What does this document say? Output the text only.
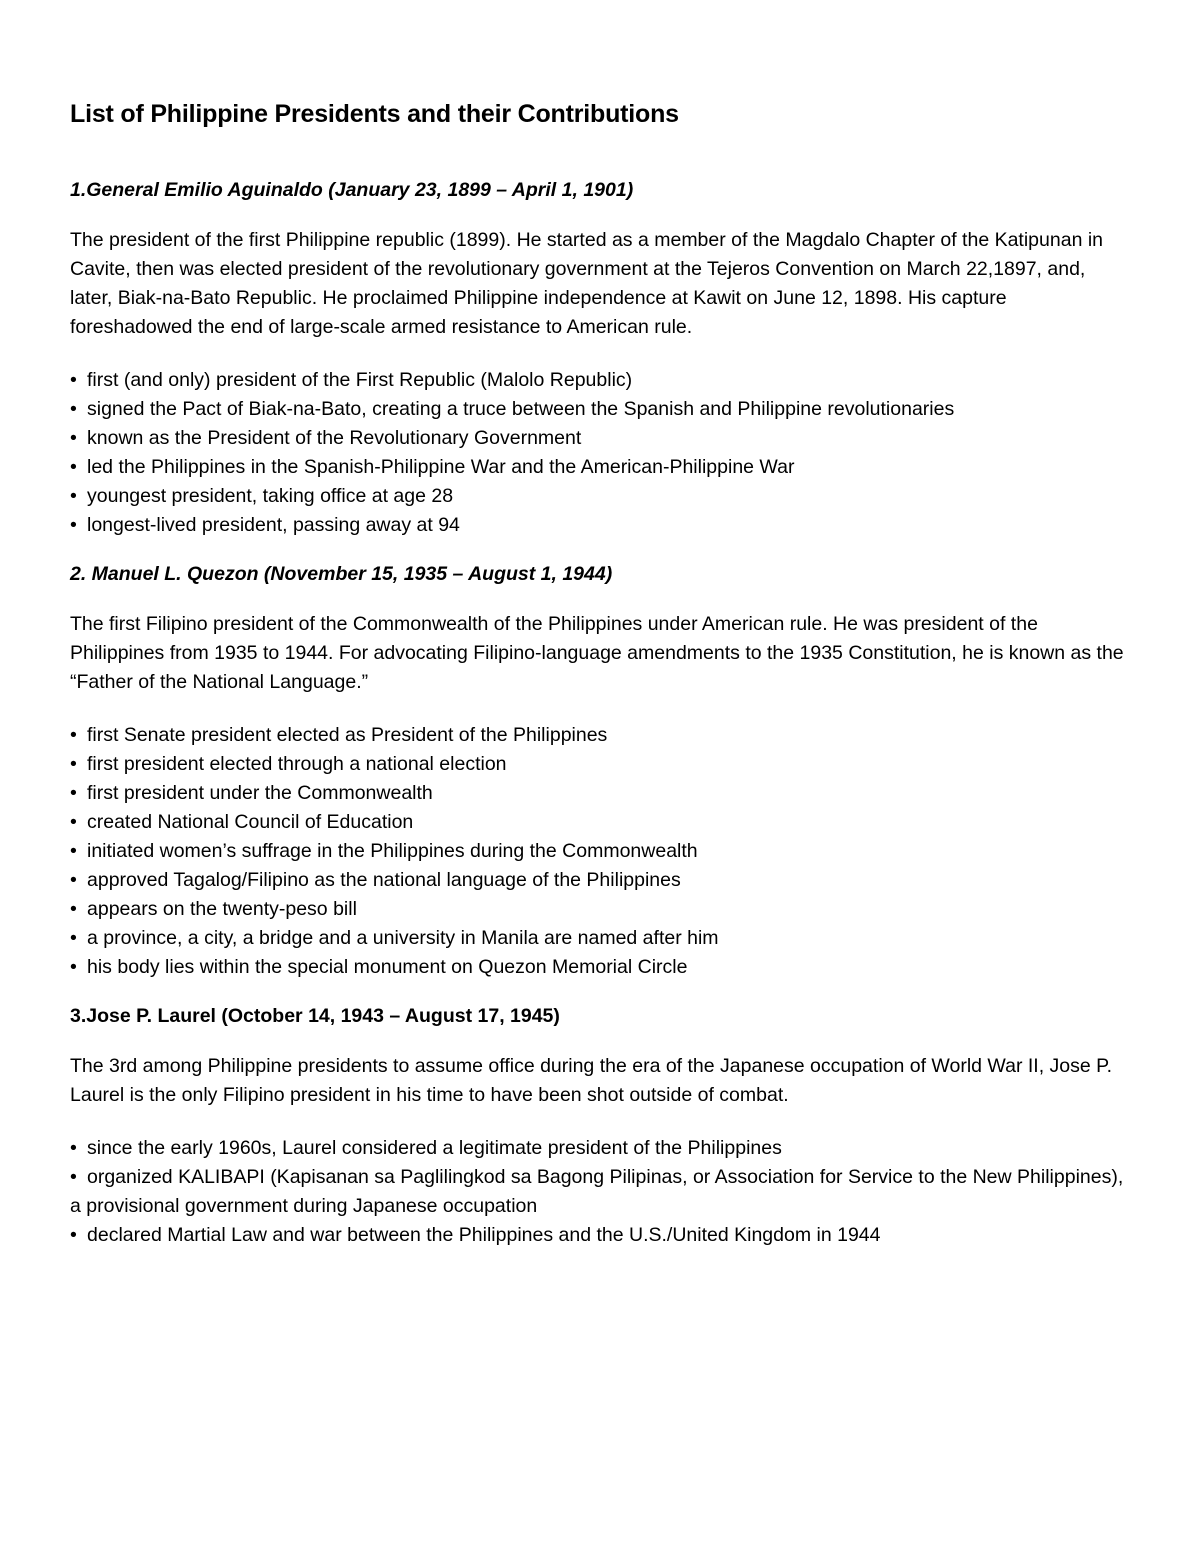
List of Philippine Presidents and their Contributions
1.General Emilio Aguinaldo (January 23, 1899 – April 1, 1901)

The president of the first Philippine republic (1899). He started as a member of the Magdalo Chapter of the Katipunan in Cavite, then was elected president of the revolutionary government at the Tejeros Convention on March 22,1897, and, later, Biak-na-Bato Republic. He proclaimed Philippine independence at Kawit on June 12, 1898. His capture foreshadowed the end of large-scale armed resistance to American rule.

• first (and only) president of the First Republic (Malolo Republic)
• signed the Pact of Biak-na-Bato, creating a truce between the Spanish and Philippine revolutionaries
• known as the President of the Revolutionary Government
• led the Philippines in the Spanish-Philippine War and the American-Philippine War
• youngest president, taking office at age 28
• longest-lived president, passing away at 94
2. Manuel L. Quezon (November 15, 1935 – August 1, 1944)

The first Filipino president of the Commonwealth of the Philippines under American rule. He was president of the Philippines from 1935 to 1944. For advocating Filipino-language amendments to the 1935 Constitution, he is known as the “Father of the National Language.”

• first Senate president elected as President of the Philippines
• first president elected through a national election
• first president under the Commonwealth
• created National Council of Education
• initiated women’s suffrage in the Philippines during the Commonwealth
• approved Tagalog/Filipino as the national language of the Philippines
• appears on the twenty-peso bill
• a province, a city, a bridge and a university in Manila are named after him
• his body lies within the special monument on Quezon Memorial Circle
3.Jose P. Laurel (October 14, 1943 – August 17, 1945)

The 3rd among Philippine presidents to assume office during the era of the Japanese occupation of World War II, Jose P. Laurel is the only Filipino president in his time to have been shot outside of combat.

• since the early 1960s, Laurel considered a legitimate president of the Philippines
• organized KALIBAPI (Kapisanan sa Paglilingkod sa Bagong Pilipinas, or Association for Service to the New Philippines), a provisional government during Japanese occupation
• declared Martial Law and war between the Philippines and the U.S./United Kingdom in 1944
